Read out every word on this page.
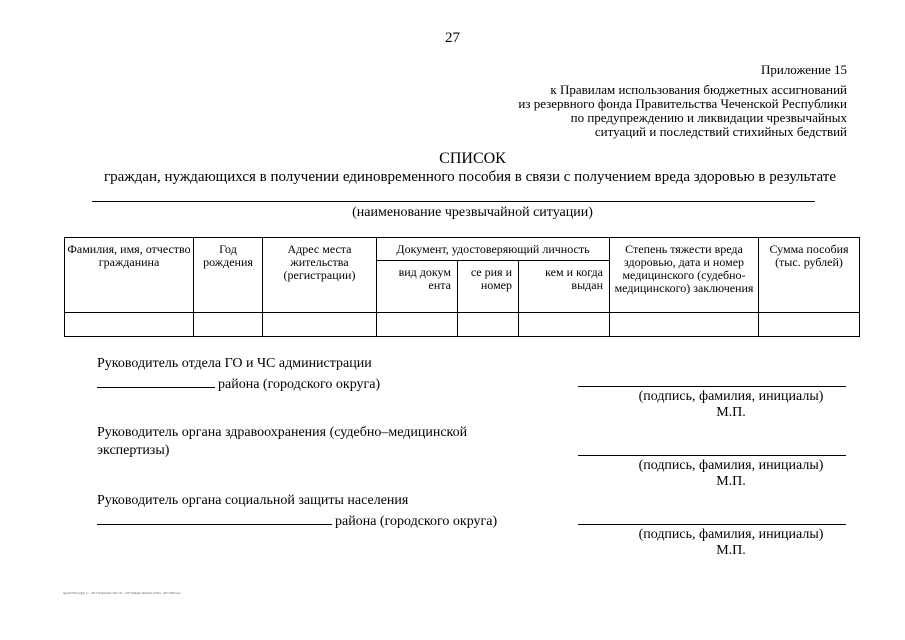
27
Приложение 15
к Правилам использования бюджетных ассигнований
из резервного фонда Правительства Чеченской Республики
по предупреждению и ликвидации чрезвычайных
ситуаций и последствий стихийных бедствий
СПИСОК
граждан, нуждающихся в получении единовременного пособия в связи с получением вреда здоровью в результате
(наименование чрезвычайной ситуации)
Фамилия, имя, отчество гражданина	Год рождения	Адрес места жительства (регистрации)	Документ, удостоверяющий личность			Степень тяжести вреда здоровью, дата и номер медицинского (судебно-медицинского) заключения	Сумма пособия (тыс. рублей)
			вид докум ента	се рия и номер	кем и когда выдан		

Руководитель отдела ГО и ЧС администрации
района (городского округа)
(подпись, фамилия, инициалы)
М.П.
Руководитель органа здравоохранения (судебно–медицинской
экспертизы)
(подпись, фамилия, инициалы)
М.П.
Руководитель органа социальной защиты населения
района (городского округа)
(подпись, фамилия, инициалы)
М.П.
lgprlsl 0792 (2)(2).cc - 2013 Veshfodetoo/6h/c 67 - 1M Vishiphy Dpmtrhs (1295) - 497 a3932.doc
